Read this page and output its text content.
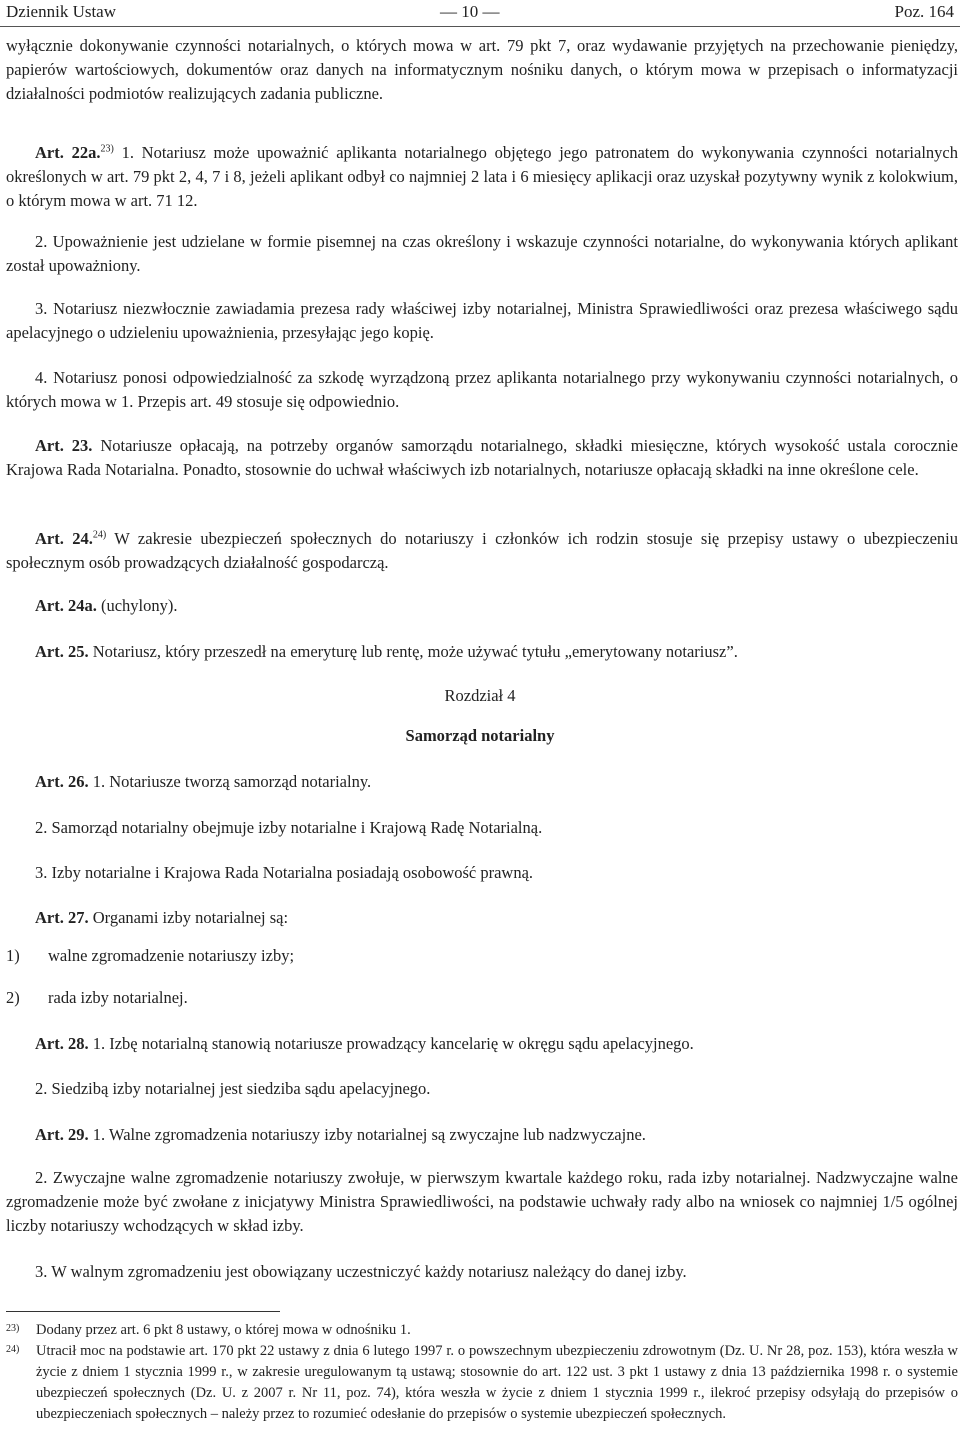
Dziennik Ustaw	— 10 —	Poz. 164

wyłącznie dokonywanie czynności notarialnych, o których mowa w art. 79 pkt 7, oraz wydawanie przyjętych na przechowanie pieniędzy, papierów wartościowych, dokumentów oraz danych na informatycznym nośniku danych, o którym mowa w przepisach o informatyzacji działalności podmiotów realizujących zadania publiczne.

Art. 22a.$^{23)}$ 1. Notariusz może upoważnić aplikanta notarialnego objętego jego patronatem do wykonywania czynności notarialnych określonych w art. 79 pkt 2, 4, 7 i 8, jeżeli aplikant odbył co najmniej 2 lata i 6 miesięcy aplikacji oraz uzyskał pozytywny wynik z kolokwium, o którym mowa w art. 71 12.

2. Upoważnienie jest udzielane w formie pisemnej na czas określony i wskazuje czynności notarialne, do wykonywania których aplikant został upoważniony.

3. Notariusz niezwłocznie zawiadamia prezesa rady właściwej izby notarialnej, Ministra Sprawiedliwości oraz prezesa właściwego sądu apelacyjnego o udzieleniu upoważnienia, przesyłając jego kopię.

4. Notariusz ponosi odpowiedzialność za szkodę wyrządzoną przez aplikanta notarialnego przy wykonywaniu czynności notarialnych, o których mowa w 1. Przepis art. 49 stosuje się odpowiednio.

Art. 23. Notariusze opłacają, na potrzeby organów samorządu notarialnego, składki miesięczne, których wysokość ustala corocznie Krajowa Rada Notarialna. Ponadto, stosownie do uchwał właściwych izb notarialnych, notariusze opłacają składki na inne określone cele.

Art. 24.$^{24)}$ W zakresie ubezpieczeń społecznych do notariuszy i członków ich rodzin stosuje się przepisy ustawy o ubezpieczeniu społecznym osób prowadzących działalność gospodarczą.

Art. 24a. (uchylony).

Art. 25. Notariusz, który przeszedł na emeryturę lub rentę, może używać tytułu „emerytowany notariusz”.

Rozdział 4
Samorząd notarialny

Art. 26. 1. Notariusze tworzą samorząd notarialny.

2. Samorząd notarialny obejmuje izby notarialne i Krajową Radę Notarialną.

3. Izby notarialne i Krajowa Rada Notarialna posiadają osobowość prawną.

Art. 27. Organami izby notarialnej są:

1) walne zgromadzenie notariuszy izby;
2) rada izby notarialnej.

Art. 28. 1. Izbę notarialną stanowią notariusze prowadzący kancelarię w okręgu sądu apelacyjnego.

2. Siedzibą izby notarialnej jest siedziba sądu apelacyjnego.

Art. 29. 1. Walne zgromadzenia notariuszy izby notarialnej są zwyczajne lub nadzwyczajne.

2. Zwyczajne walne zgromadzenie notariuszy zwołuje, w pierwszym kwartale każdego roku, rada izby notarialnej. Nadzwyczajne walne zgromadzenie może być zwołane z inicjatywy Ministra Sprawiedliwości, na podstawie uchwały rady albo na wniosek co najmniej 1/5 ogólnej liczby notariuszy wchodzących w skład izby.

3. W walnym zgromadzeniu jest obowiązany uczestniczyć każdy notariusz należący do danej izby.

23) Dodany przez art. 6 pkt 8 ustawy, o której mowa w odnośniku 1.
24) Utracił moc na podstawie art. 170 pkt 22 ustawy z dnia 6 lutego 1997 r. o powszechnym ubezpieczeniu zdrowotnym (Dz. U. Nr 28, poz. 153), która weszła w życie z dniem 1 stycznia 1999 r., w zakresie uregulowanym tą ustawą; stosownie do art. 122 ust. 3 pkt 1 ustawy z dnia 13 października 1998 r. o systemie ubezpieczeń społecznych (Dz. U. z 2007 r. Nr 11, poz. 74), która weszła w życie z dniem 1 stycznia 1999 r., ilekroć przepisy odsyłają do przepisów o ubezpieczeniach społecznych – należy przez to rozumieć odesłanie do przepisów o systemie ubezpieczeń społecznych.
